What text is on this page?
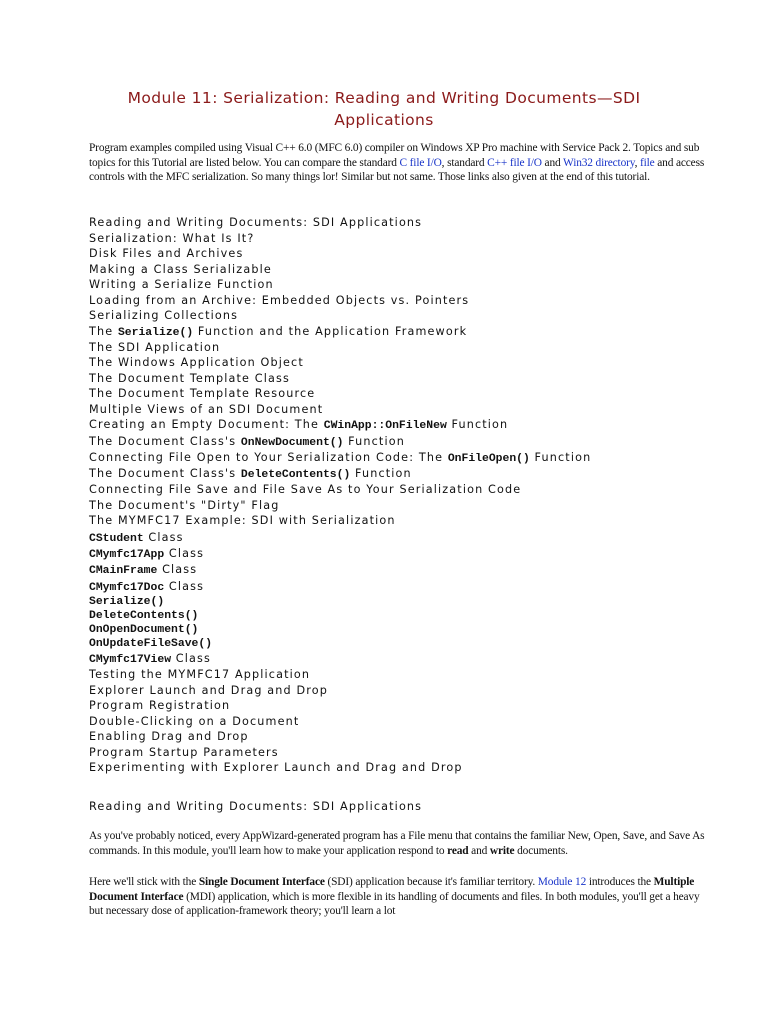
Module 11: Serialization: Reading and Writing Documents—SDI Applications

Program examples compiled using Visual C++ 6.0 (MFC 6.0) compiler on Windows XP Pro machine with Service Pack 2. Topics and sub topics for this Tutorial are listed below. You can compare the standard C file I/O, standard C++ file I/O and Win32 directory, file and access controls with the MFC serialization. So many things lor! Similar but not same. Those links also given at the end of this tutorial.

Reading and Writing Documents: SDI Applications
Serialization: What Is It?
Disk Files and Archives
Making a Class Serializable
Writing a Serialize Function
Loading from an Archive: Embedded Objects vs. Pointers
Serializing Collections
The Serialize() Function and the Application Framework
The SDI Application
The Windows Application Object
The Document Template Class
The Document Template Resource
Multiple Views of an SDI Document
Creating an Empty Document: The CWinApp::OnFileNew Function
The Document Class's OnNewDocument() Function
Connecting File Open to Your Serialization Code: The OnFileOpen() Function
The Document Class's DeleteContents() Function
Connecting File Save and File Save As to Your Serialization Code
The Document's "Dirty" Flag
The MYMFC17 Example: SDI with Serialization
CStudent Class
CMymfc17App Class
CMainFrame Class
CMymfc17Doc Class
Serialize()
DeleteContents()
OnOpenDocument()
OnUpdateFileSave()
CMymfc17View Class
Testing the MYMFC17 Application
Explorer Launch and Drag and Drop
Program Registration
Double-Clicking on a Document
Enabling Drag and Drop
Program Startup Parameters
Experimenting with Explorer Launch and Drag and Drop
Reading and Writing Documents: SDI Applications

As you've probably noticed, every AppWizard-generated program has a File menu that contains the familiar New, Open, Save, and Save As commands. In this module, you'll learn how to make your application respond to read and write documents.

Here we'll stick with the Single Document Interface (SDI) application because it's familiar territory. Module 12 introduces the Multiple Document Interface (MDI) application, which is more flexible in its handling of documents and files. In both modules, you'll get a heavy but necessary dose of application-framework theory; you'll learn a lot
